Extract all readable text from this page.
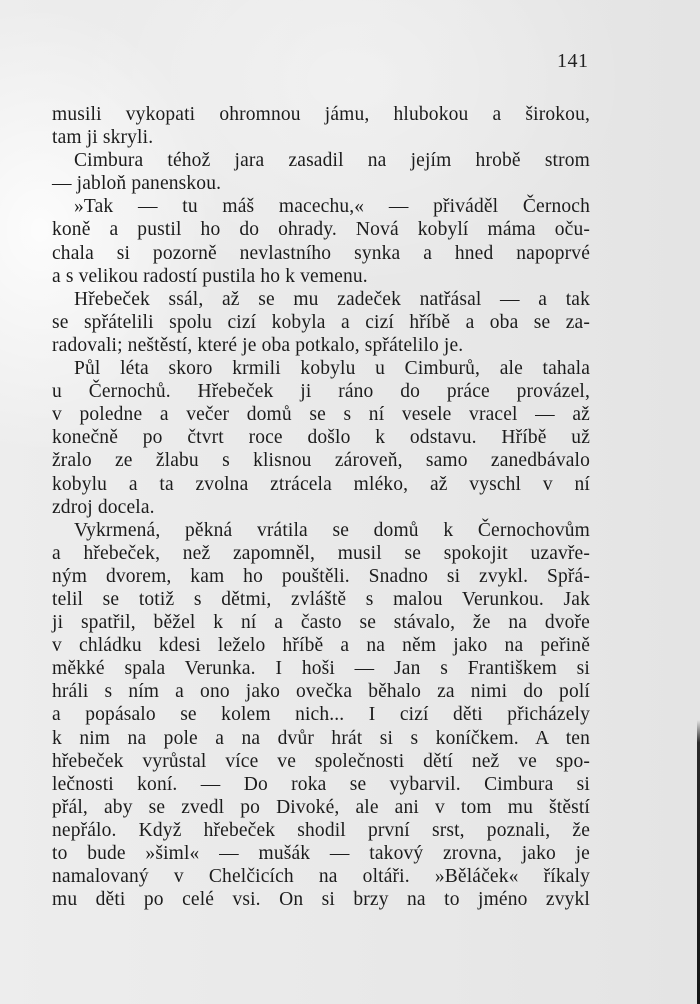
141
musili vykopati ohromnou jámu, hlubokou a širokou,
tam ji skryli.
Cimbura téhož jara zasadil na jejím hrobě strom
— jabloň panenskou.
»Tak — tu máš macechu,« — přiváděl Černoch
koně a pustil ho do ohrady. Nová kobylí máma oču-
chala si pozorně nevlastního synka a hned napoprvé
a s velikou radostí pustila ho k vemenu.
Hřebeček ssál, až se mu zadeček natřásal — a tak
se spřátelili spolu cizí kobyla a cizí hříbě a oba se za-
radovali; neštěstí, které je oba potkalo, spřátelilo je.
Půl léta skoro krmili kobylu u Cimburů, ale tahala
u Černochů. Hřebeček ji ráno do práce provázel,
v poledne a večer domů se s ní vesele vracel — až
konečně po čtvrt roce došlo k odstavu. Hříbě už
žralo ze žlabu s klisnou zároveň, samo zanedbávalo
kobylu a ta zvolna ztrácela mléko, až vyschl v ní
zdroj docela.
Vykrmená, pěkná vrátila se domů k Černochovům
a hřebeček, než zapomněl, musil se spokojit uzavře-
ným dvorem, kam ho pouštěli. Snadno si zvykl. Spřá-
telil se totiž s dětmi, zvláště s malou Verunkou. Jak
ji spatřil, běžel k ní a často se stávalo, že na dvoře
v chládku kdesi leželo hříbě a na něm jako na peřině
měkké spala Verunka. I hoši — Jan s Františkem si
hráli s ním a ono jako ovečka běhalo za nimi do polí
a popásalo se kolem nich... I cizí děti přicházely
k nim na pole a na dvůr hrát si s koníčkem. A ten
hřebeček vyrůstal více ve společnosti dětí než ve spo-
lečnosti koní. — Do roka se vybarvil. Cimbura si
přál, aby se zvedl po Divoké, ale ani v tom mu štěstí
nepřálo. Když hřebeček shodil první srst, poznali, že
to bude »šiml« — mušák — takový zrovna, jako je
namalovaný v Chelčicích na oltáři. »Běláček« říkaly
mu děti po celé vsi. On si brzy na to jméno zvykl
